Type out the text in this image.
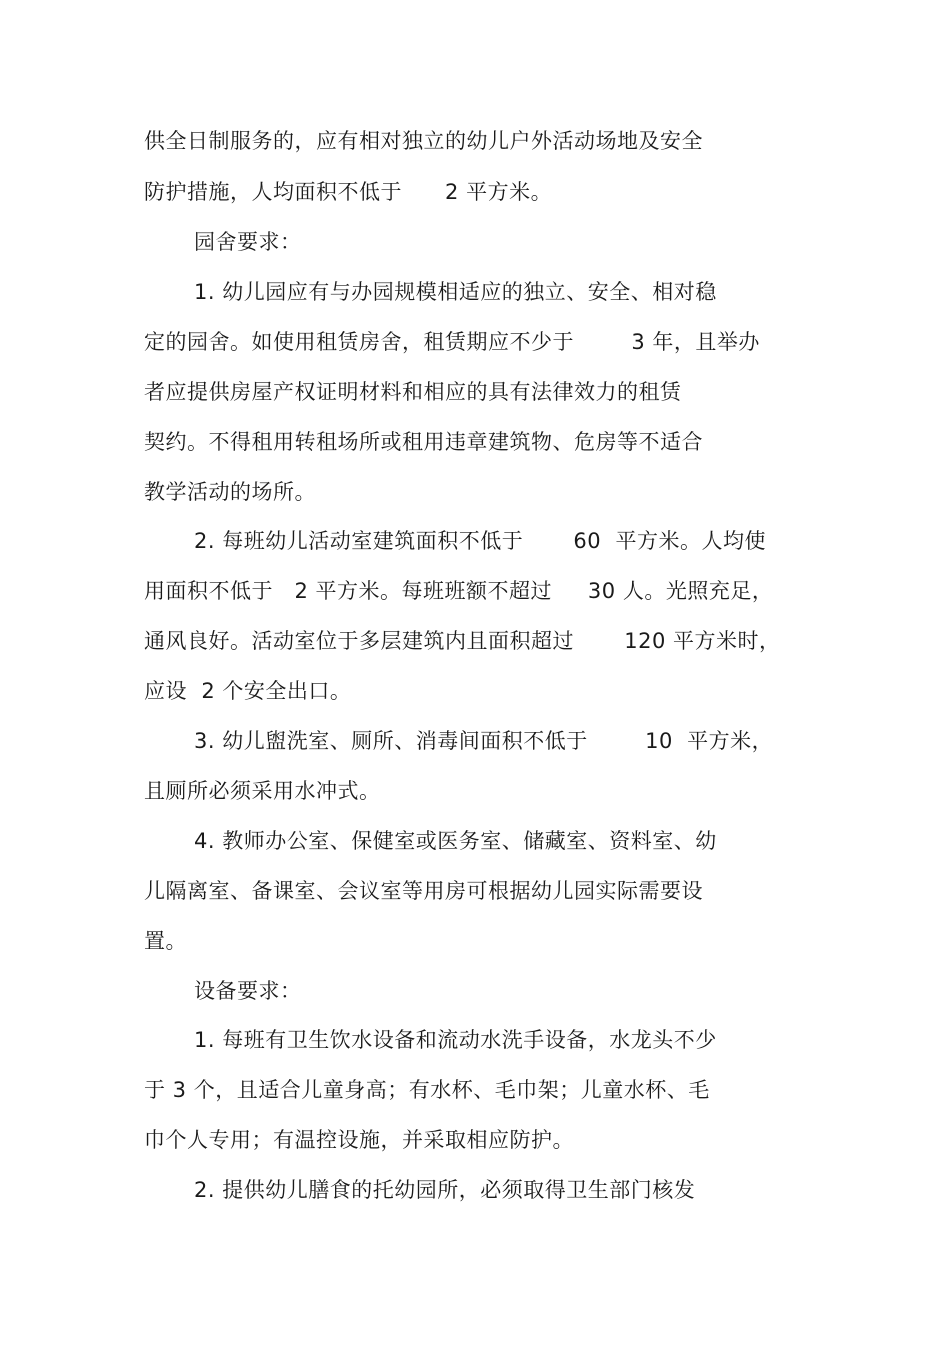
供全日制服务的，应有相对独立的幼儿户外活动场地及安全
防护措施，人均面积不低于      2 平方米。
园舍要求：
1. 幼儿园应有与办园规模相适应的独立、安全、相对稳
定的园舍。如使用租赁房舍，租赁期应不少于        3 年，且举办
者应提供房屋产权证明材料和相应的具有法律效力的租赁
契约。不得租用转租场所或租用违章建筑物、危房等不适合
教学活动的场所。
2. 每班幼儿活动室建筑面积不低于       60  平方米。人均使
用面积不低于   2 平方米。每班班额不超过     30 人。光照充足，
通风良好。活动室位于多层建筑内且面积超过       120 平方米时，
应设  2 个安全出口。
3. 幼儿盥洗室、厕所、消毒间面积不低于        10  平方米，
且厕所必须采用水冲式。
4. 教师办公室、保健室或医务室、储藏室、资料室、幼
儿隔离室、备课室、会议室等用房可根据幼儿园实际需要设
置。
设备要求：
1. 每班有卫生饮水设备和流动水洗手设备，水龙头不少
于 3 个，且适合儿童身高；有水杯、毛巾架；儿童水杯、毛
巾个人专用；有温控设施，并采取相应防护。
2. 提供幼儿膳食的托幼园所，必须取得卫生部门核发
